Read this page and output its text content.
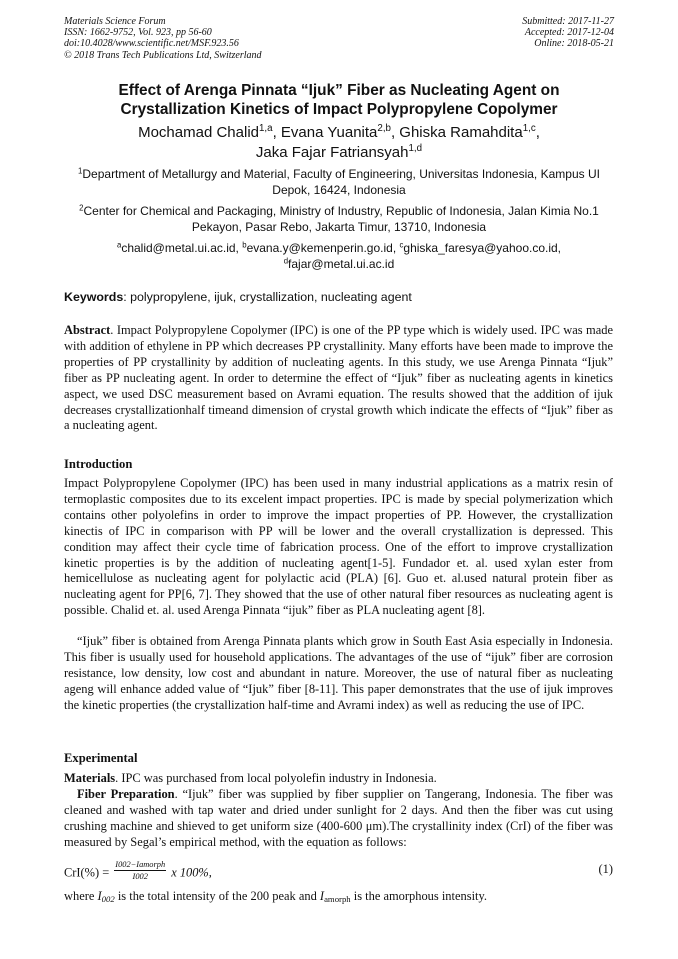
Materials Science Forum
ISSN: 1662-9752, Vol. 923, pp 56-60
doi:10.4028/www.scientific.net/MSF.923.56
© 2018 Trans Tech Publications Ltd, Switzerland
Submitted: 2017-11-27
Accepted: 2017-12-04
Online: 2018-05-21
Effect of Arenga Pinnata “Ijuk” Fiber as Nucleating Agent on
Crystallization Kinetics of Impact Polypropylene Copolymer
Mochamad Chalid$^{1,a}$, Evana Yuanita$^{2,b}$, Ghiska Ramahdita$^{1,c}$,
Jaka Fajar Fatriansyah$^{1,d}$
$^1$Department of Metallurgy and Material, Faculty of Engineering, Universitas Indonesia, Kampus UI Depok, 16424, Indonesia
$^2$Center for Chemical and Packaging, Ministry of Industry, Republic of Indonesia, Jalan Kimia No.1 Pekayon, Pasar Rebo, Jakarta Timur, 13710, Indonesia
$^a$chalid@metal.ui.ac.id, $^b$evana.y@kemenperin.go.id, $^c$ghiska_faresya@yahoo.co.id,
$^d$fajar@metal.ui.ac.id
Keywords: polypropylene, ijuk, crystallization, nucleating agent
Abstract. Impact Polypropylene Copolymer (IPC) is one of the PP type which is widely used. IPC was made with addition of ethylene in PP which decreases PP crystallinity. Many efforts have been made to improve the properties of PP crystallinity by addition of nucleating agents. In this study, we use Arenga Pinnata “Ijuk” fiber as PP nucleating agent. In order to determine the effect of “Ijuk” fiber as nucleating agents in kinetics aspect, we used DSC measurement based on Avrami equation. The results showed that the addition of ijuk decreases crystallizationhalf timeand dimension of crystal growth which indicate the effects of “Ijuk” fiber as a nucleating agent.
Introduction
Impact Polypropylene Copolymer (IPC) has been used in many industrial applications as a matrix resin of termoplastic composites due to its excelent impact properties. IPC is made by special polymerization which contains other polyolefins in order to improve the impact properties of PP. However, the crystallization kinectis of IPC in comparison with PP will be lower and the overall crystallization is depressed. This condition may affect their cycle time of fabrication process. One of the effort to improve crystallization kinetic properties is by the addition of nucleating agent[1-5]. Fundador et. al. used xylan ester from hemicellulose as nucleating agent for polylactic acid (PLA) [6]. Guo et. al.used natural protein fiber as nucleating agent for PP[6, 7]. They showed that the use of other natural fiber resources as nucleating agent is possible. Chalid et. al. used Arenga Pinnata “ijuk” fiber as PLA nucleating agent [8].
“Ijuk” fiber is obtained from Arenga Pinnata plants which grow in South East Asia especially in Indonesia. This fiber is usually used for household applications. The advantages of the use of “ijuk” fiber are corrosion resistance, low density, low cost and abundant in nature. Moreover, the use of natural fiber as nucleating ageng will enhance added value of “Ijuk” fiber [8-11]. This paper demonstrates that the use of ijuk improves the kinetic properties (the crystallization half-time and Avrami index) as well as reducing the use of IPC.
Experimental
Materials. IPC was purchased from local polyolefin industry in Indonesia.
Fiber Preparation. “Ijuk” fiber was supplied by fiber supplier on Tangerang, Indonesia. The fiber was cleaned and washed with tap water and dried under sunlight for 2 days. And then the fiber was cut using crushing machine and shieved to get uniform size (400-600 μm).The crystallinity index (CrI) of the fiber was measured by Segal’s empirical method, with the equation as follows:
$CrI(\%) = \frac{\text{I002−Iamorph}}{I002}$ x 100%,	(1)
where $I_{002}$ is the total intensity of the 200 peak and $I_{amorph}$ is the amorphous intensity.
